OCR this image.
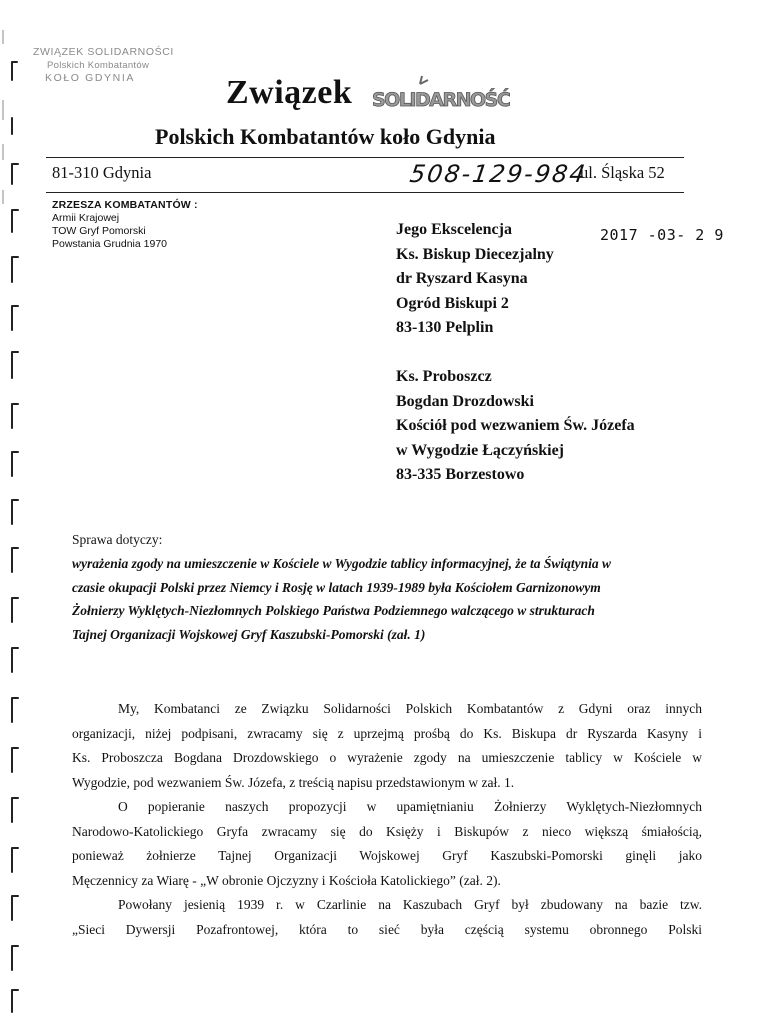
ZWIĄZEK SOLIDARNOŚCI
Polskich Kombatantów
KOŁO GDYNIA	Związek SOLIDARNOŚĆ
Polskich Kombatantów koło Gdynia
81-310 Gdynia	508-129-984
ul. Śląska 52
ZRZESZA KOMBATANTÓW :
Armii Krajowej
TOW Gryf Pomorski
Powstania Grudnia 1970	2017 -03- 2 9
Jego Ekscelencja
Ks. Biskup Diecezjalny
dr Ryszard Kasyna
Ogród Biskupi 2
83-130 Pelplin
Ks. Proboszcz
Bogdan Drozdowski
Kościół pod wezwaniem Św. Józefa
w Wygodzie Łączyńskiej
83-335 Borzestowo
Sprawa dotyczy:
wyrażenia zgody na umieszczenie w Kościele w Wygodzie tablicy informacyjnej, że ta Świątynia w
czasie okupacji Polski przez Niemcy i Rosję w latach 1939-1989 była Kościołem Garnizonowym
Żołnierzy Wyklętych-Niezłomnych Polskiego Państwa Podziemnego walczącego w strukturach
Tajnej Organizacji Wojskowej Gryf Kaszubski-Pomorski (zał. 1)
My, Kombatanci ze Związku Solidarności Polskich Kombatantów z Gdyni oraz innych
organizacji, niżej podpisani, zwracamy się z uprzejmą prośbą do Ks. Biskupa dr Ryszarda Kasyny i
Ks. Proboszcza Bogdana Drozdowskiego o wyrażenie zgody na umieszczenie tablicy w Kościele w
Wygodzie, pod wezwaniem Św. Józefa, z treścią napisu przedstawionym w zał. 1.
O popieranie naszych propozycji w upamiętnianiu Żołnierzy Wyklętych-Niezłomnych
Narodowo-Katolickiego Gryfa zwracamy się do Księży i Biskupów z nieco większą śmiałością,
ponieważ żołnierze Tajnej Organizacji Wojskowej Gryf Kaszubski-Pomorski ginęli jako
Męczennicy za Wiarę - „W obronie Ojczyzny i Kościoła Katolickiego” (zał. 2).
Powołany jesienią 1939 r. w Czarlinie na Kaszubach Gryf był zbudowany na bazie tzw.
„Sieci Dywersji Pozafrontowej, która to sieć była częścią systemu obronnego Polski
